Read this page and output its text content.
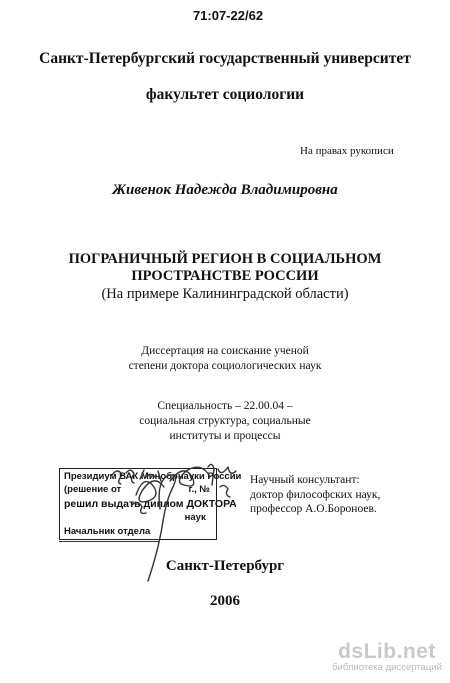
71:07-22/62
Санкт-Петербургский государственный университет
факультет социологии
На правах рукописи
Живенок Надежда Владимировна
ПОГРАНИЧНЫЙ РЕГИОН В СОЦИАЛЬНОМ
ПРОСТРАНСТВЕ РОССИИ
(На примере Калининградской области)
Диссертация на соискание ученой
степени доктора социологических наук
Специальность – 22.00.04 –
социальная структура, социальные
институты и процессы
Президиум ВАК Минобрнауки России
(решение от	г., №
решил выдать диплом ДОКТОРА
наук
Начальник отдела
Научный консультант:
доктор философских наук,
профессор А.О.Бороноев.
Санкт-Петербург
2006
dsLib.net
библиотека диссертаций
